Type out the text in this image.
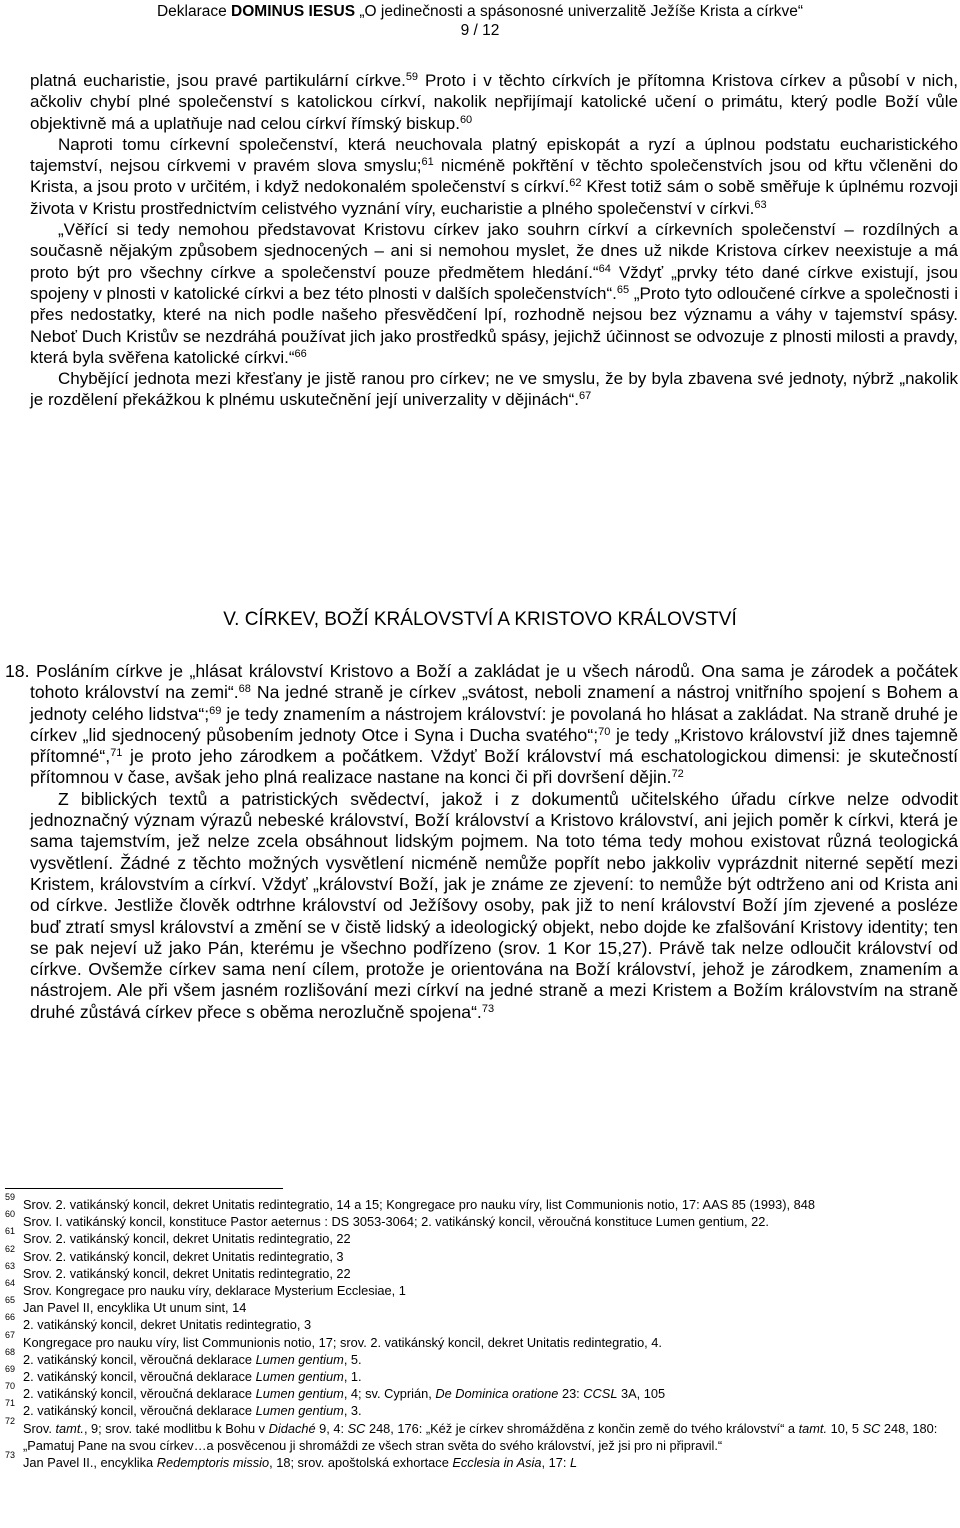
Deklarace DOMINUS IESUS „O jedinečnosti a spásonosné univerzalitě Ježíše Krista a církve“
9 / 12

platná eucharistie, jsou pravé partikulární církve.$^{59}$ Proto i v těchto církvích je přítomna Kristova církev a působí v nich, ačkoliv chybí plné společenství s katolickou církví, nakolik nepřijímají katolické učení o primátu, který podle Boží vůle objektivně má a uplatňuje nad celou církví římský biskup.$^{60}$

Naproti tomu církevní společenství, která neuchovala platný episkopát a ryzí a úplnou podstatu eucharistického tajemství, nejsou církvemi v pravém slova smyslu;$^{61}$ nicméně pokřtění v těchto společenstvích jsou od křtu včleněni do Krista, a jsou proto v určitém, i když nedokonalém společenství s církví.$^{62}$ Křest totiž sám o sobě směřuje k úplnému rozvoji života v Kristu prostřednictvím celistvého vyznání víry, eucharistie a plného společenství v církvi.$^{63}$

„Věřící si tedy nemohou představovat Kristovu církev jako souhrn církví a církevních společenství – rozdílných a současně nějakým způsobem sjednocených – ani si nemohou myslet, že dnes už nikde Kristova církev neexistuje a má proto být pro všechny církve a společenství pouze předmětem hledání.“$^{64}$ Vždyť „prvky této dané církve existují, jsou spojeny v plnosti v katolické církvi a bez této plnosti v dalších společenstvích“.$^{65}$ „Proto tyto odloučené církve a společnosti i přes nedostatky, které na nich podle našeho přesvědčení lpí, rozhodně nejsou bez významu a váhy v tajemství spásy. Neboť Duch Kristův se nezdráhá používat jich jako prostředků spásy, jejichž účinnost se odvozuje z plnosti milosti a pravdy, která byla svěřena katolické církvi.“$^{66}$

Chybějící jednota mezi křesťany je jistě ranou pro církev; ne ve smyslu, že by byla zbavena své jednoty, nýbrž „nakolik je rozdělení překážkou k plnému uskutečnění její univerzality v dějinách“.$^{67}$

V. CÍRKEV, BOŽÍ KRÁLOVSTVÍ A KRISTOVO KRÁLOVSTVÍ

18. Posláním církve je „hlásat království Kristovo a Boží a zakládat je u všech národů. Ona sama je zárodek a počátek tohoto království na zemi“.$^{68}$ Na jedné straně je církev „svátost, neboli znamení a nástroj vnitřního spojení s Bohem a jednoty celého lidstva“;$^{69}$ je tedy znamením a nástrojem království: je povolaná ho hlásat a zakládat. Na straně druhé je církev „lid sjednocený působením jednoty Otce i Syna i Ducha svatého“;$^{70}$ je tedy „Kristovo království již dnes tajemně přítomné“,$^{71}$ je proto jeho zárodkem a počátkem. Vždyť Boží království má eschatologickou dimensi: je skutečností přítomnou v čase, avšak jeho plná realizace nastane na konci či při dovršení dějin.$^{72}$

Z biblických textů a patristických svědectví, jakož i z dokumentů učitelského úřadu církve nelze odvodit jednoznačný význam výrazů nebeské království, Boží království a Kristovo království, ani jejich poměr k církvi, která je sama tajemstvím, jež nelze zcela obsáhnout lidským pojmem. Na toto téma tedy mohou existovat různá teologická vysvětlení. Žádné z těchto možných vysvětlení nicméně nemůže popřít nebo jakkoliv vyprázdnit niterné sepětí mezi Kristem, královstvím a církví. Vždyť „království Boží, jak je známe ze zjevení: to nemůže být odtrženo ani od Krista ani od církve. Jestliže člověk odtrhne království od Ježíšovy osoby, pak již to není království Boží jím zjevené a posléze buď ztratí smysl království a změní se v čistě lidský a ideologický objekt, nebo dojde ke zfalšování Kristovy identity; ten se pak nejeví už jako Pán, kterému je všechno podřízeno (srov. 1 Kor 15,27). Právě tak nelze odloučit království od církve. Ovšemže církev sama není cílem, protože je orientována na Boží království, jehož je zárodkem, znamením a nástrojem. Ale při všem jasném rozlišování mezi církví na jedné straně a mezi Kristem a Božím královstvím na straně druhé zůstává církev přece s oběma nerozlučně spojena“.$^{73}$

59 Srov. 2. vatikánský koncil, dekret Unitatis redintegratio, 14 a 15; Kongregace pro nauku víry, list Communionis notio, 17: AAS 85 (1993), 848
60 Srov. I. vatikánský koncil, konstituce Pastor aeternus : DS 3053-3064; 2. vatikánský koncil, věroučná konstituce Lumen gentium, 22.
61 Srov. 2. vatikánský koncil, dekret Unitatis redintegratio, 22
62 Srov. 2. vatikánský koncil, dekret Unitatis redintegratio, 3
63 Srov. 2. vatikánský koncil, dekret Unitatis redintegratio, 22
64 Srov. Kongregace pro nauku víry, deklarace Mysterium Ecclesiae, 1
65 Jan Pavel II, encyklika Ut unum sint, 14
66 2. vatikánský koncil, dekret Unitatis redintegratio, 3
67 Kongregace pro nauku víry, list Communionis notio, 17; srov. 2. vatikánský koncil, dekret Unitatis redintegratio, 4.
68 2. vatikánský koncil, věroučná deklarace Lumen gentium, 5.
69 2. vatikánský koncil, věroučná deklarace Lumen gentium, 1.
70 2. vatikánský koncil, věroučná deklarace Lumen gentium, 4; sv. Cyprián, De Dominica oratione 23: CCSL 3A, 105
71 2. vatikánský koncil, věroučná deklarace Lumen gentium, 3.
72 Srov. tamt., 9; srov. také modlitbu k Bohu v Didaché 9, 4: SC 248, 176: „Kéž je církev shromážděna z končin země do tvého království“ a tamt. 10, 5 SC 248, 180: „Pamatuj Pane na svou církev…a posvěcenou ji shromáždi ze všech stran světa do svého království, jež jsi pro ni připravil.“
73 Jan Pavel II., encyklika Redemptoris missio, 18; srov. apoštolská exhortace Ecclesia in Asia, 17: L
